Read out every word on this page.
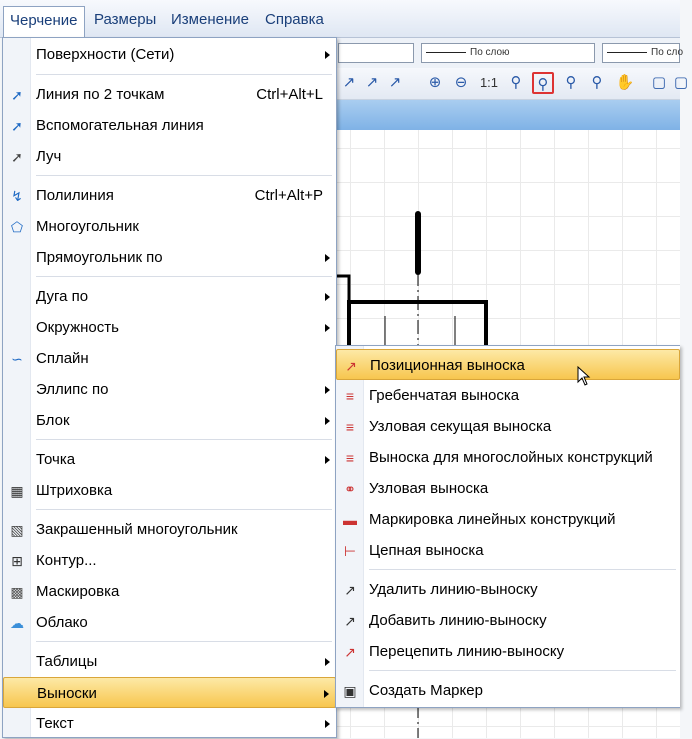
Черчение	Размеры Изменение	Справка
По слою	По сло
↗ ↗ ↗	⊕ ⊖ 1:1 ⚲	⚲	⚲	⚲ ✋ ▢ ▢
Поверхности (Сети)
➚ Линия по 2 точкам	Ctrl+Alt+L
➚ Вспомогательная линия
➚ Луч
↯ Полилиния	Ctrl+Alt+P
⬠ Многоугольник
Прямоугольник по
Дуга по
Окружность
∽ Сплайн
Эллипс по
Блок
Точка
▦ Штриховка
▧ Закрашенный многоугольник
⊞ Контур...
▩ Маскировка
☁ Облако
Таблицы
Выноски
Текст
↗ Позиционная выноска
≡ Гребенчатая выноска
≡ Узловая секущая выноска
≡ Выноска для многослойных конструкций
⚭ Узловая выноска
▬ Маркировка линейных конструкций
⊢ Цепная выноска
↗ Удалить линию-выноску
↗ Добавить линию-выноску
↗ Перецепить линию-выноску
▣ Создать Маркер
